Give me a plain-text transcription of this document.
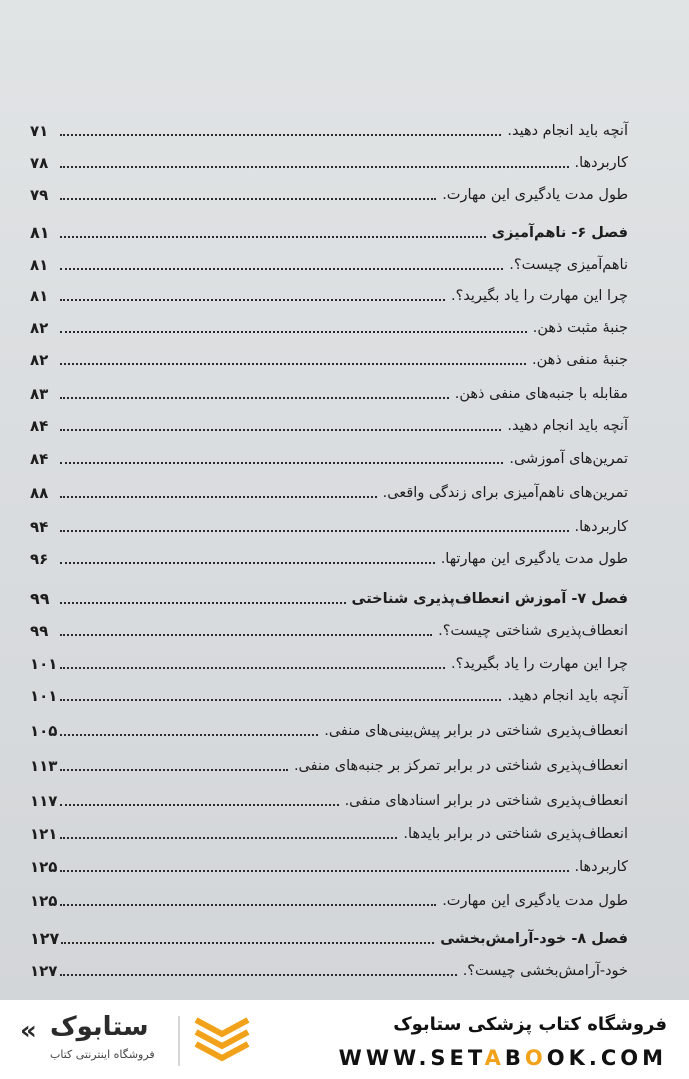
آنچه باید انجام دهید.
۷۱
کاربردها.
۷۸
طول مدت یادگیری این مهارت.
۷۹
فصل ۶- ناهم‌آمیزی
۸۱
ناهم‌آمیزی چیست؟.
۸۱
چرا این مهارت را یاد بگیرید؟.
۸۱
جنبهٔ مثبت ذهن.
۸۲
جنبهٔ منفی ذهن.
۸۲
مقابله با جنبه‌های منفی ذهن.
۸۳
آنچه باید انجام دهید.
۸۴
تمرین‌های آموزشی.
۸۴
تمرین‌های ناهم‌آمیزی برای زندگی واقعی.
۸۸
کاربردها.
۹۴
طول مدت یادگیری این مهارتها.
۹۶
فصل ۷- آموزش انعطاف‌پذیری شناختی
۹۹
انعطاف‌پذیری شناختی چیست؟.
۹۹
چرا این مهارت را یاد بگیرید؟.
۱۰۱
آنچه باید انجام دهید.
۱۰۱
انعطاف‌پذیری شناختی در برابر پیش‌بینی‌های منفی.
۱۰۵
انعطاف‌پذیری شناختی در برابر تمرکز بر جنبه‌های منفی.
۱۱۳
انعطاف‌پذیری شناختی در برابر اسنادهای منفی.
۱۱۷
انعطاف‌پذیری شناختی در برابر بایدها.
۱۲۱
کاربردها.
۱۲۵
طول مدت یادگیری این مهارت.
۱۲۵
فصل ۸- خود-آرامش‌بخشی
۱۲۷
خود-آرامش‌بخشی چیست؟.
۱۲۷
« ستابوک
فروشگاه اینترنتی کتاب
فروشگاه کتاب پزشکی ستابوک
WWW.SETABOOK.COM
